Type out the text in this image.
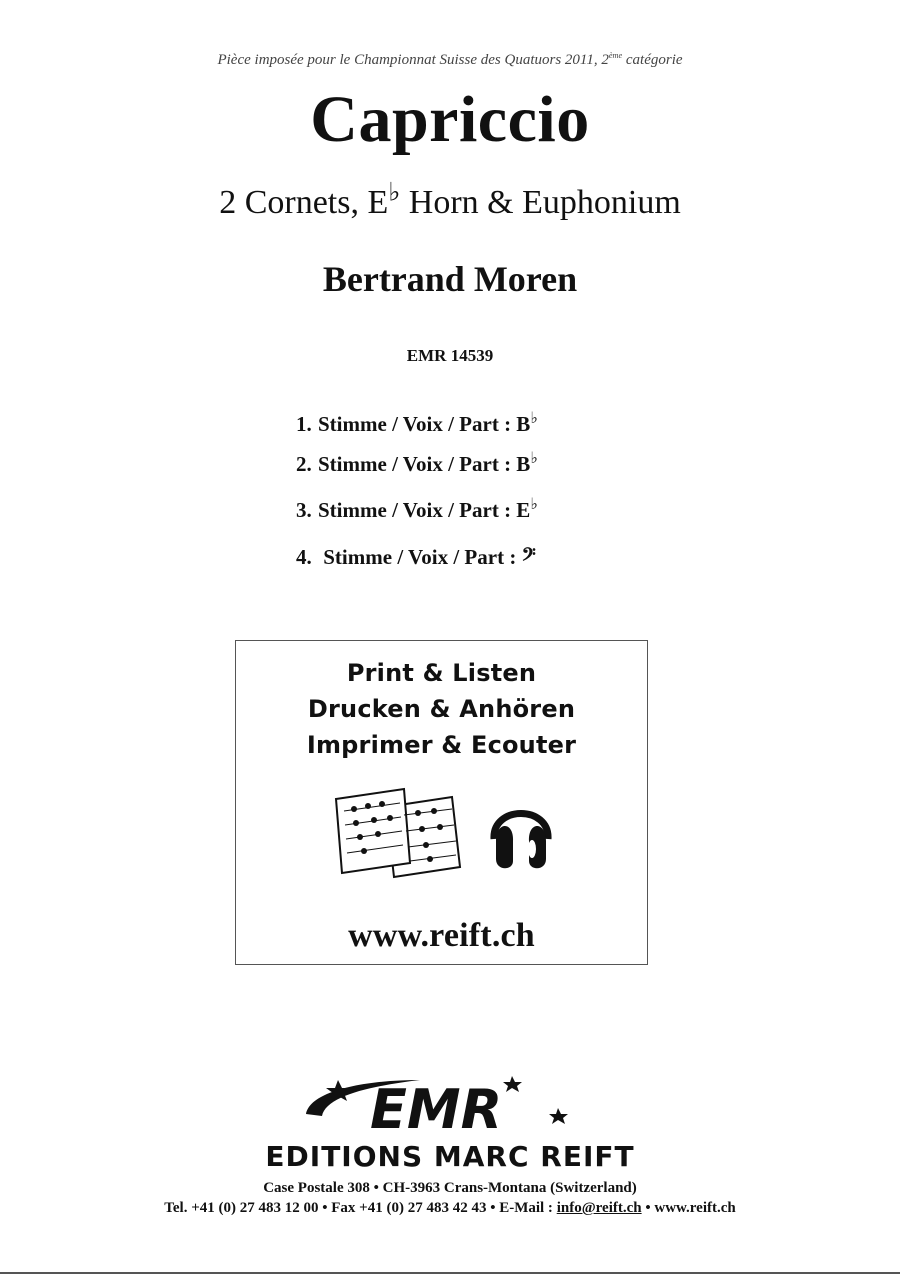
Pièce imposée pour le Championnat Suisse des Quatuors 2011, 2ème catégorie
Capriccio
2 Cornets, E♭ Horn & Euphonium
Bertrand Moren
EMR 14539
1. Stimme / Voix / Part : B♭
2. Stimme / Voix / Part : B♭
3. Stimme / Voix / Part : E♭
4. Stimme / Voix / Part : 𝄢
Print & Listen
Drucken & Anhören
Imprimer & Ecouter
www.reift.ch
EMR
EDITIONS MARC REIFT
Case Postale 308 • CH-3963 Crans-Montana (Switzerland)
Tel. +41 (0) 27 483 12 00 • Fax +41 (0) 27 483 42 43 • E-Mail : info@reift.ch • www.reift.ch
